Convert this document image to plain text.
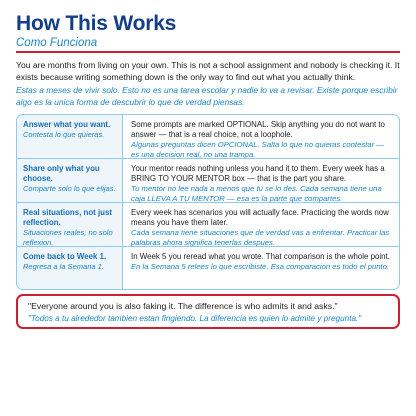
How This Works
Como Funciona
You are months from living on your own. This is not a school assignment and nobody is checking it. It exists because writing something down is the only way to find out what you actually think.
Estas a meses de vivir solo. Esto no es una tarea escolar y nadie lo va a revisar. Existe porque escribir algo es la unica forma de descubrir lo que de verdad piensas.
Answer what you want.
Contesta lo que quieras.
Some prompts are marked OPTIONAL. Skip anything you do not want to answer — that is a real choice, not a loophole.
Algunas preguntas dicen OPCIONAL. Salta lo que no quieras contestar — es una decision real, no una trampa.
Share only what you choose.
Comparte solo lo que elijas.
Your mentor reads nothing unless you hand it to them. Every week has a BRING TO YOUR MENTOR box — that is the part you share.
Tu mentor no lee nada a menos que tu se lo des. Cada semana tiene una caja LLEVA A TU MENTOR — esa es la parte que compartes.
Real situations, not just reflection.
Situaciones reales, no solo reflexion.
Every week has scenarios you will actually face. Practicing the words now means you have them later.
Cada semana tiene situaciones que de verdad vas a enfrentar. Practicar las palabras ahora significa tenerlas despues.
Come back to Week 1.
Regresa a la Semana 1.
In Week 5 you reread what you wrote. That comparison is the whole point.
En la Semana 5 relees lo que escribiste. Esa comparacion es todo el punto.
"Everyone around you is also faking it. The difference is who admits it and asks."
"Todos a tu alrededor tambien estan fingiendo. La diferencia es quien lo admite y pregunta."
